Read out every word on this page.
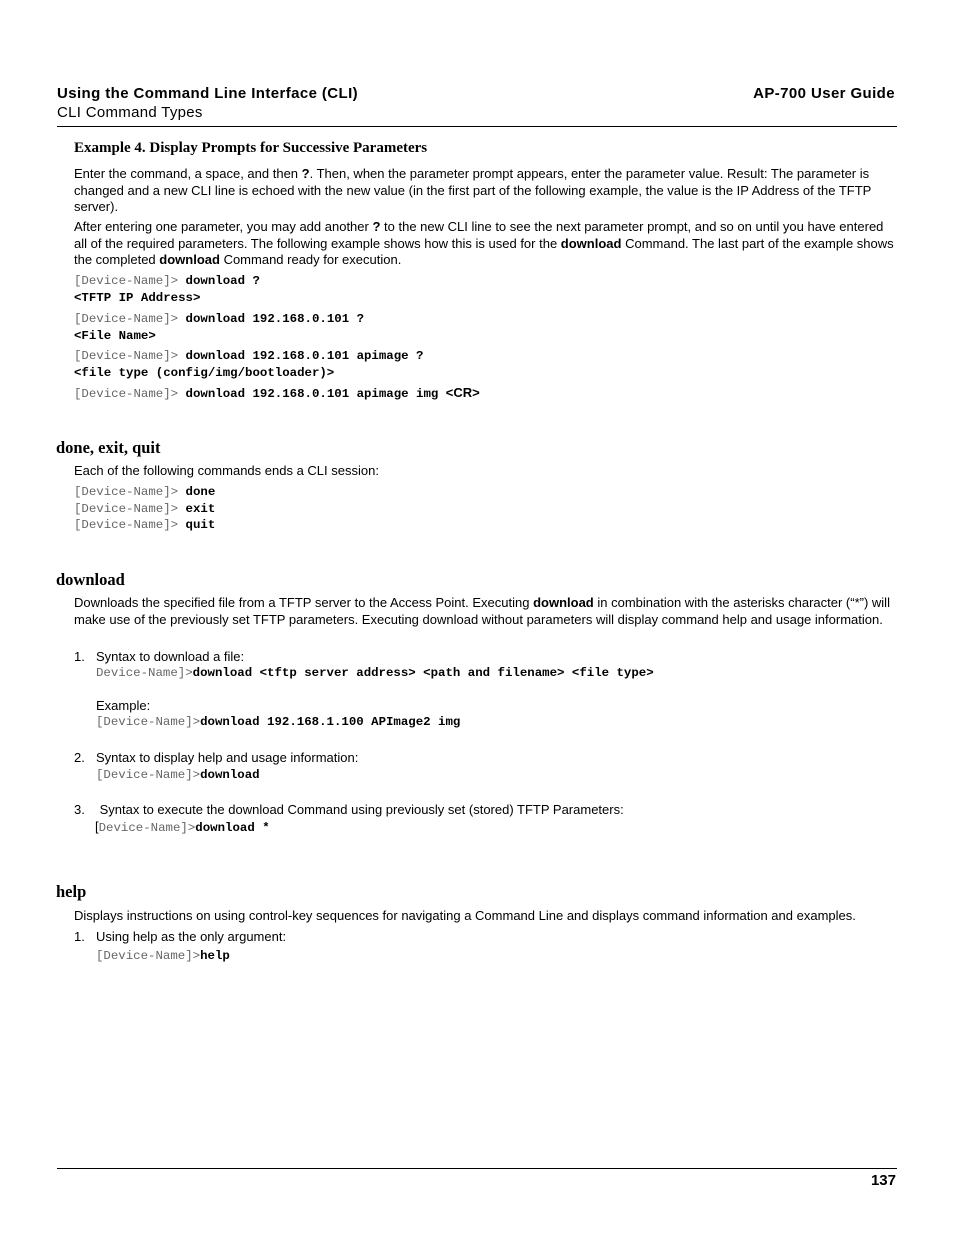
Using the Command Line Interface (CLI)
CLI Command Types
AP-700 User Guide
Example 4. Display Prompts for Successive Parameters
Enter the command, a space, and then ?. Then, when the parameter prompt appears, enter the parameter value. Result: The parameter is changed and a new CLI line is echoed with the new value (in the first part of the following example, the value is the IP Address of the TFTP server).
After entering one parameter, you may add another ? to the new CLI line to see the next parameter prompt, and so on until you have entered all of the required parameters. The following example shows how this is used for the download Command. The last part of the example shows the completed download Command ready for execution.
[Device-Name]> download ?
<TFTP IP Address>
[Device-Name]> download 192.168.0.101 ?
<File Name>
[Device-Name]> download 192.168.0.101 apimage ?
<file type (config/img/bootloader)>
[Device-Name]> download 192.168.0.101 apimage img <CR>
done, exit, quit
Each of the following commands ends a CLI session:
[Device-Name]> done
[Device-Name]> exit
[Device-Name]> quit
download
Downloads the specified file from a TFTP server to the Access Point. Executing download in combination with the asterisks character (“*”) will make use of the previously set TFTP parameters. Executing download without parameters will display command help and usage information.
1. Syntax to download a file:
Device-Name]>download <tftp server address> <path and filename> <file type>
Example:
[Device-Name]>download 192.168.1.100 APImage2 img
2. Syntax to display help and usage information:
[Device-Name]>download
3. Syntax to execute the download Command using previously set (stored) TFTP Parameters:
[Device-Name]>download *
help
Displays instructions on using control-key sequences for navigating a Command Line and displays command information and examples.
1. Using help as the only argument:
[Device-Name]>help
137
